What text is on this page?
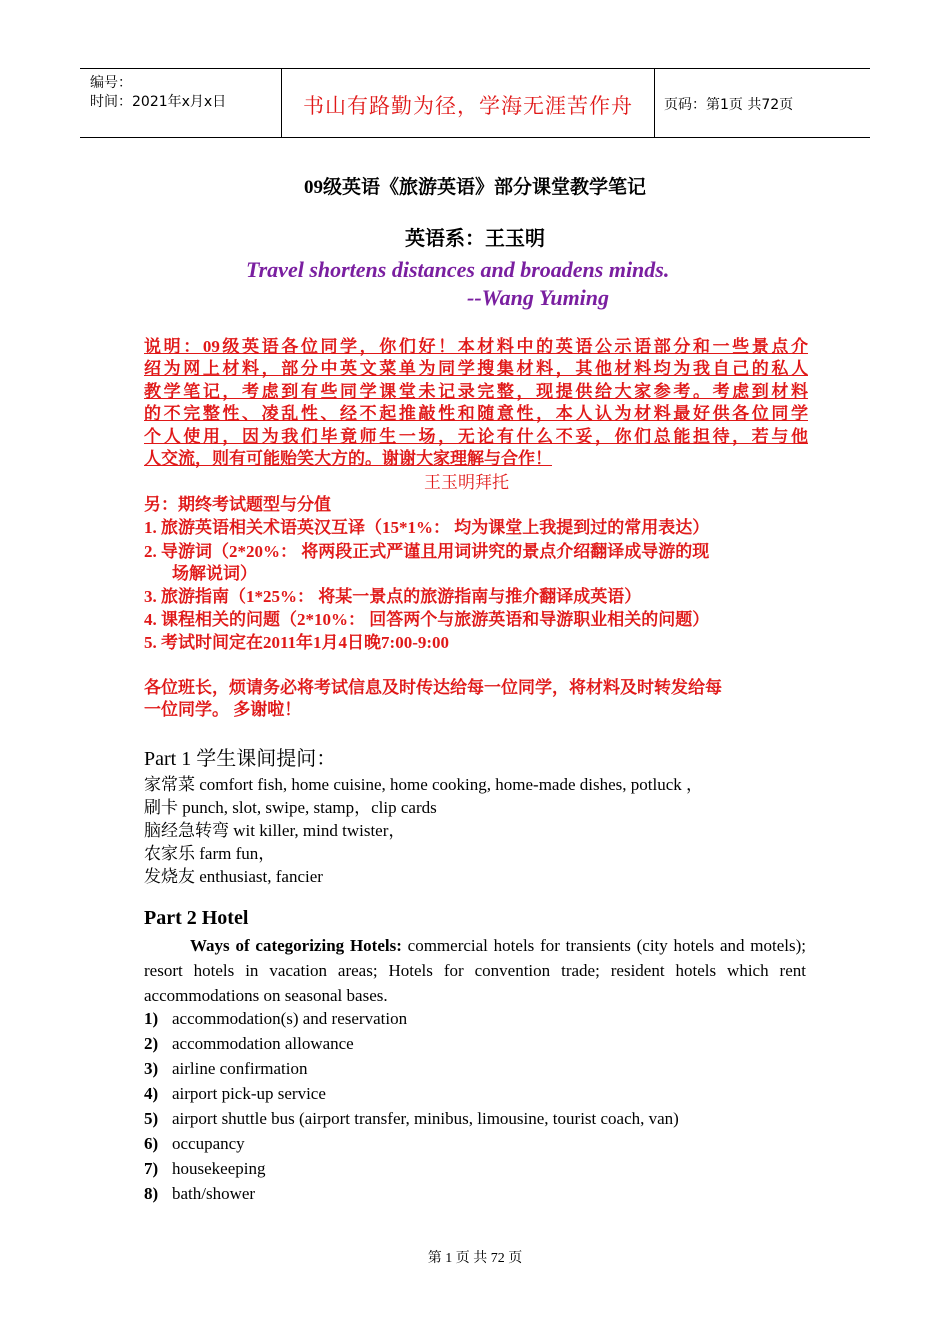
编号：
时间：2021年x月x日	书山有路勤为径，学海无涯苦作舟	页码：第1页 共72页
09级英语《旅游英语》部分课堂教学笔记
英语系：王玉明
Travel shortens distances and broadens minds.
--Wang Yuming
说明：09级英语各位同学，你们好！本材料中的英语公示语部分和一些景点介
绍为网上材料，部分中英文菜单为同学搜集材料，其他材料均为我自己的私人
教学笔记，考虑到有些同学课堂未记录完整，现提供给大家参考。考虑到材料
的不完整性、凌乱性、经不起推敲性和随意性，本人认为材料最好供各位同学
个人使用，因为我们毕竟师生一场，无论有什么不妥，你们总能担待，若与他
人交流，则有可能贻笑大方的。谢谢大家理解与合作！
王玉明拜托
另：期终考试题型与分值
1. 旅游英语相关术语英汉互译（15*1%： 均为课堂上我提到过的常用表达）
2. 导游词（2*20%： 将两段正式严谨且用词讲究的景点介绍翻译成导游的现
场解说词）
3. 旅游指南（1*25%： 将某一景点的旅游指南与推介翻译成英语）
4. 课程相关的问题（2*10%： 回答两个与旅游英语和导游职业相关的问题）
5. 考试时间定在2011年1月4日晚7:00-9:00
各位班长，烦请务必将考试信息及时传达给每一位同学，将材料及时转发给每
一位同学。 多谢啦！
Part 1 学生课间提问：
家常菜 comfort fish, home cuisine, home cooking, home-made dishes, potluck ，
刷卡 punch, slot, swipe, stamp，clip cards
脑经急转弯 wit killer, mind twister，
农家乐 farm fun，
发烧友 enthusiast, fancier
Part 2 Hotel
Ways of categorizing Hotels: commercial hotels for transients (city hotels and motels); resort hotels in vacation areas; Hotels for convention trade; resident hotels which rent accommodations on seasonal bases.
1) accommodation(s) and reservation
2) accommodation allowance
3) airline confirmation
4) airport pick-up service
5) airport shuttle bus (airport transfer, minibus, limousine, tourist coach, van)
6) occupancy
7) housekeeping
8) bath/shower
第 1 页 共 72 页
